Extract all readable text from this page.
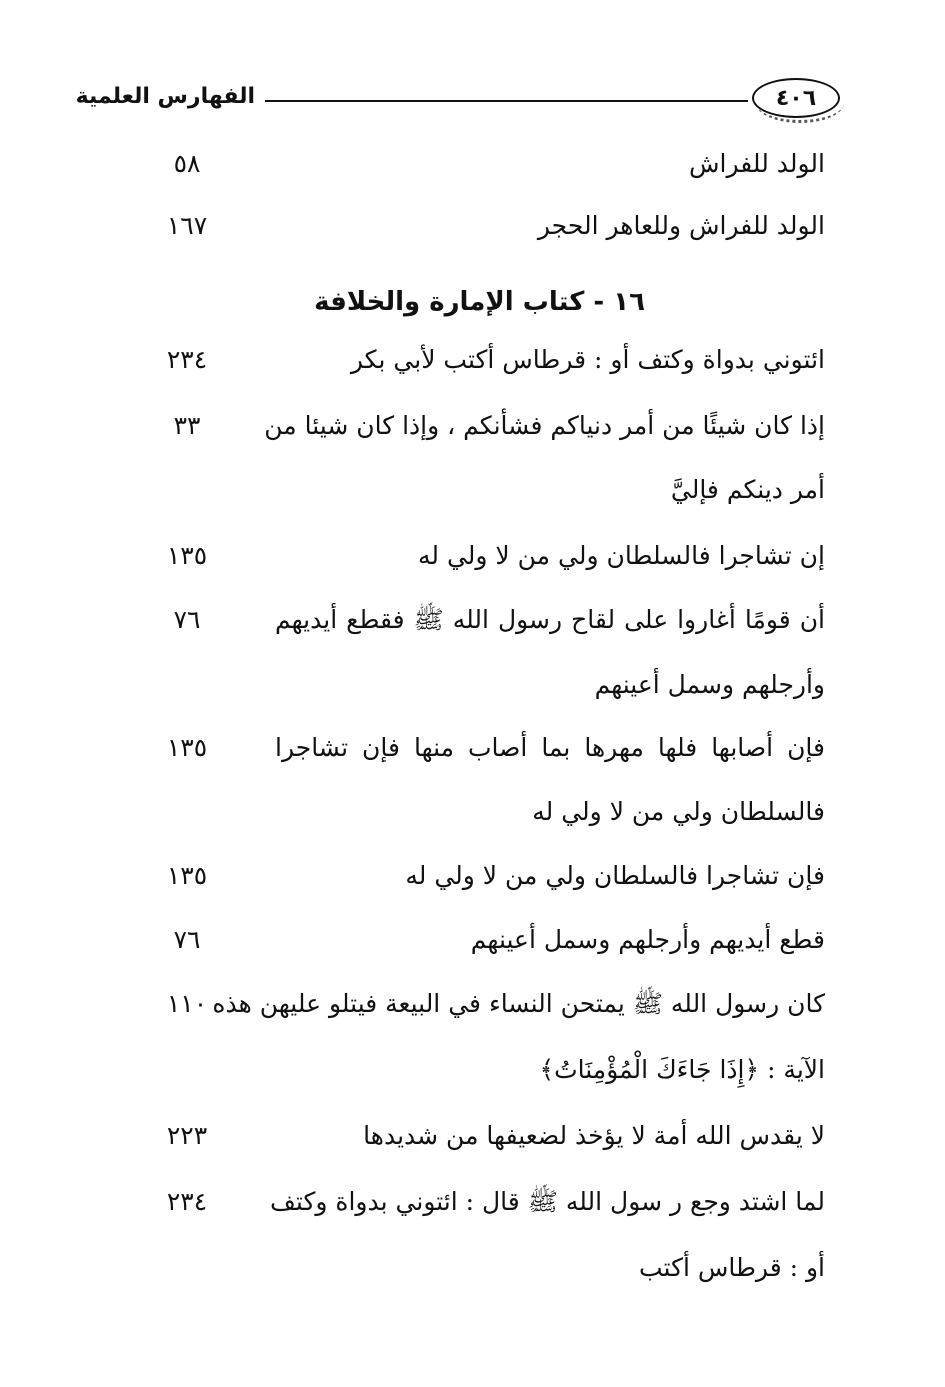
الفهارس العلمية	٤٠٦
الولد للفراش
٥٨
الولد للفراش وللعاهر الحجر
١٦٧
١٦ - كتاب الإمارة والخلافة
ائتوني بدواة وكتف أو : قرطاس أكتب لأبي بكر
٢٣٤
إذا كان شيئًا من أمر دنياكم فشأنكم ، وإذا كان شيئا من
٣٣
أمر دينكم فإليَّ
إن تشاجرا فالسلطان ولي من لا ولي له
١٣٥
أن قومًا أغاروا على لقاح رسول الله ﷺ فقطع أيديهم
٧٦
وأرجلهم وسمل أعينهم
فإن أصابها فلها مهرها بما أصاب منها فإن تشاجرا
١٣٥
فالسلطان ولي من لا ولي له
فإن تشاجرا فالسلطان ولي من لا ولي له
١٣٥
قطع أيديهم وأرجلهم وسمل أعينهم
٧٦
كان رسول الله ﷺ يمتحن النساء في البيعة فيتلو عليهن هذه
١١٠
الآية : ﴿إِذَا جَاءَكَ الْمُؤْمِنَاتُ﴾
لا يقدس الله أمة لا يؤخذ لضعيفها من شديدها
٢٢٣
لما اشتد وجع ر سول الله ﷺ قال : ائتوني بدواة وكتف
٢٣٤
أو : قرطاس أكتب
